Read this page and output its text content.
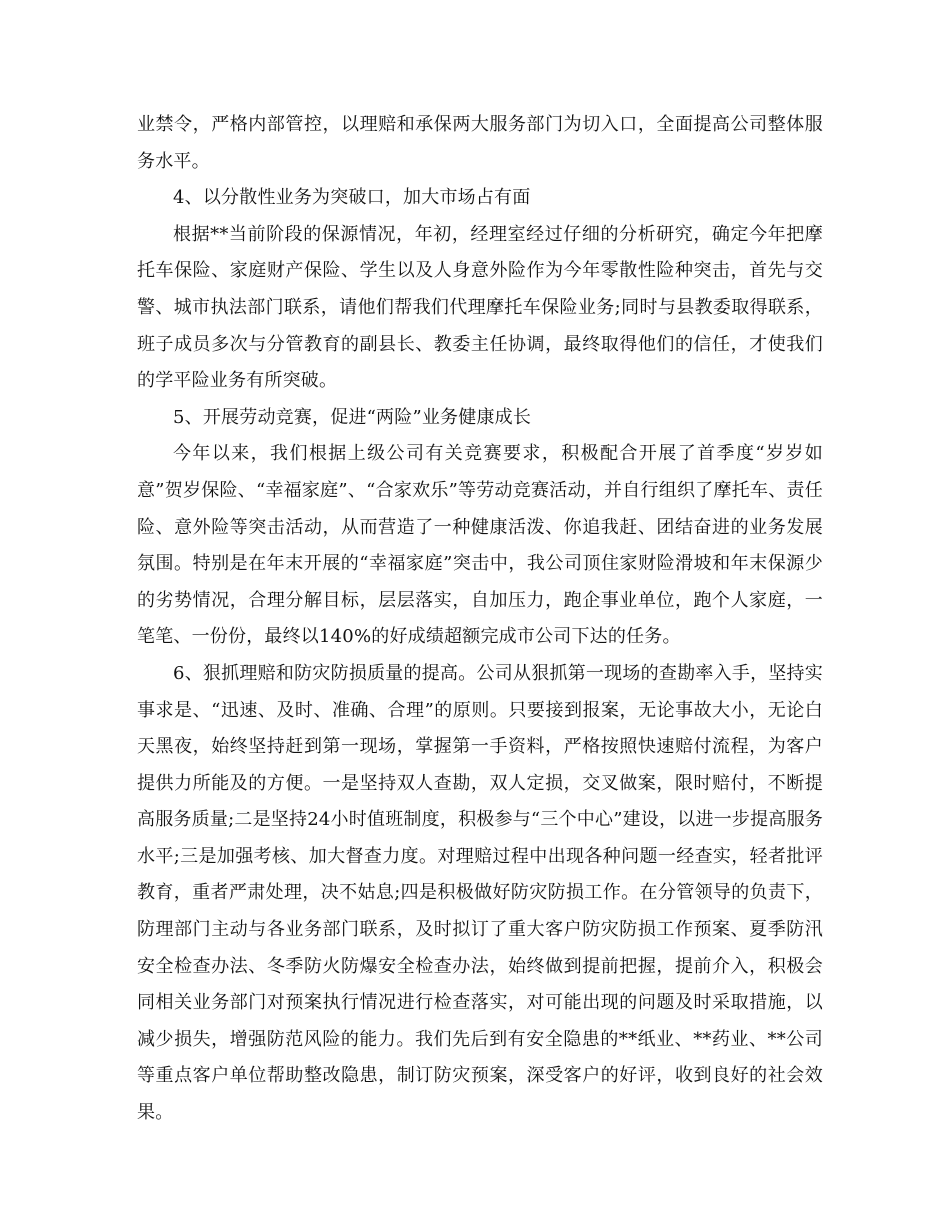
业禁令，严格内部管控，以理赔和承保两大服务部门为切入口，全面提高公司整体服务水平。

4、以分散性业务为突破口，加大市场占有面

根据**当前阶段的保源情况，年初，经理室经过仔细的分析研究，确定今年把摩托车保险、家庭财产保险、学生以及人身意外险作为今年零散性险种突击，首先与交警、城市执法部门联系，请他们帮我们代理摩托车保险业务;同时与县教委取得联系，班子成员多次与分管教育的副县长、教委主任协调，最终取得他们的信任，才使我们的学平险业务有所突破。

5、开展劳动竞赛，促进“两险”业务健康成长

今年以来，我们根据上级公司有关竞赛要求，积极配合开展了首季度“岁岁如意”贺岁保险、“幸福家庭”、“合家欢乐”等劳动竞赛活动，并自行组织了摩托车、责任险、意外险等突击活动，从而营造了一种健康活泼、你追我赶、团结奋进的业务发展氛围。特别是在年末开展的“幸福家庭”突击中，我公司顶住家财险滑坡和年末保源少的劣势情况，合理分解目标，层层落实，自加压力，跑企事业单位，跑个人家庭，一笔笔、一份份，最终以140%的好成绩超额完成市公司下达的任务。

6、狠抓理赔和防灾防损质量的提高。公司从狠抓第一现场的查勘率入手，坚持实事求是、“迅速、及时、准确、合理”的原则。只要接到报案，无论事故大小，无论白天黑夜，始终坚持赶到第一现场，掌握第一手资料，严格按照快速赔付流程，为客户提供力所能及的方便。一是坚持双人查勘，双人定损，交叉做案，限时赔付，不断提高服务质量;二是坚持24小时值班制度，积极参与“三个中心”建设，以进一步提高服务水平;三是加强考核、加大督查力度。对理赔过程中出现各种问题一经查实，轻者批评教育，重者严肃处理，决不姑息;四是积极做好防灾防损工作。在分管领导的负责下，防理部门主动与各业务部门联系，及时拟订了重大客户防灾防损工作预案、夏季防汛安全检查办法、冬季防火防爆安全检查办法，始终做到提前把握，提前介入，积极会同相关业务部门对预案执行情况进行检查落实，对可能出现的问题及时采取措施，以减少损失，增强防范风险的能力。我们先后到有安全隐患的**纸业、**药业、**公司等重点客户单位帮助整改隐患，制订防灾预案，深受客户的好评，收到良好的社会效果。
